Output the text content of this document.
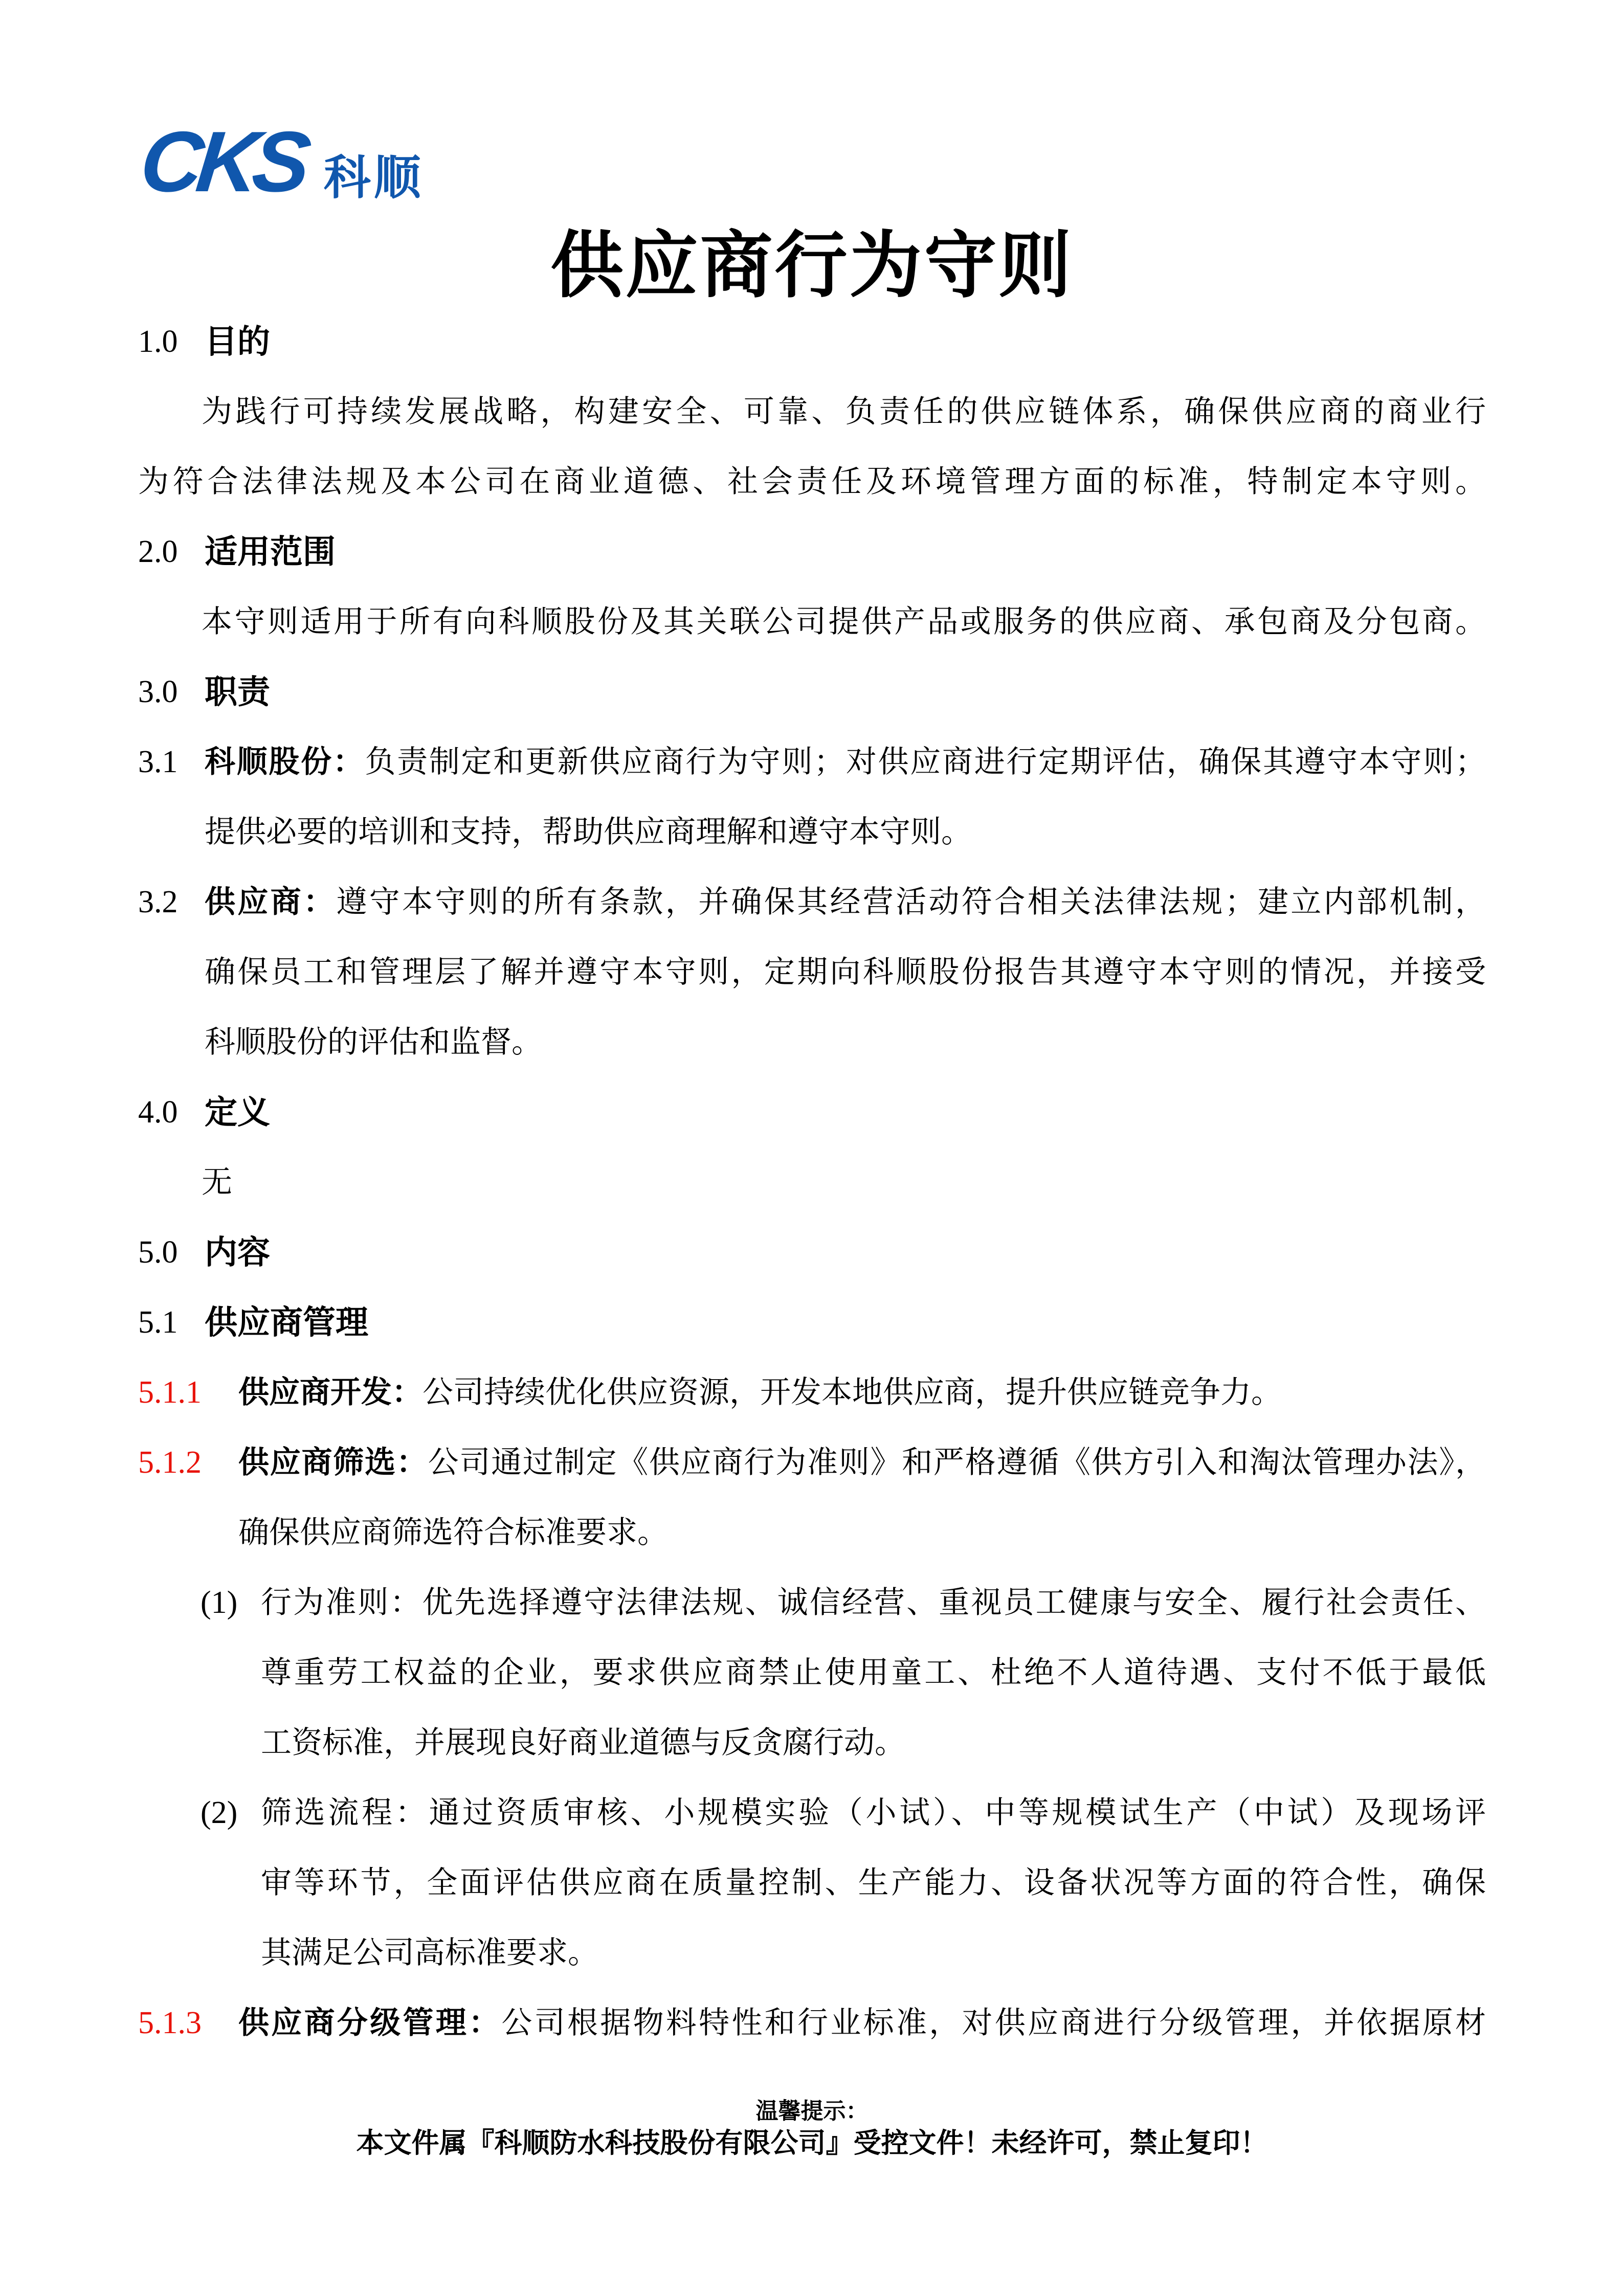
CKS 科顺
供应商行为守则
1.0 目的
为践行可持续发展战略，构建安全、可靠、负责任的供应链体系，确保供应商的商业行
为符合法律法规及本公司在商业道德、社会责任及环境管理方面的标准，特制定本守则。
2.0 适用范围
本守则适用于所有向科顺股份及其关联公司提供产品或服务的供应商、承包商及分包商。
3.0 职责
3.1 科顺股份：负责制定和更新供应商行为守则；对供应商进行定期评估，确保其遵守本守则；
提供必要的培训和支持，帮助供应商理解和遵守本守则。
3.2 供应商：遵守本守则的所有条款，并确保其经营活动符合相关法律法规；建立内部机制，
确保员工和管理层了解并遵守本守则，定期向科顺股份报告其遵守本守则的情况，并接受
科顺股份的评估和监督。
4.0 定义
无
5.0 内容
5.1 供应商管理
5.1.1 供应商开发：公司持续优化供应资源，开发本地供应商，提升供应链竞争力。
5.1.2 供应商筛选：公司通过制定《供应商行为准则》和严格遵循《供方引入和淘汰管理办法》，
确保供应商筛选符合标准要求。
(1) 行为准则：优先选择遵守法律法规、诚信经营、重视员工健康与安全、履行社会责任、
尊重劳工权益的企业，要求供应商禁止使用童工、杜绝不人道待遇、支付不低于最低
工资标准，并展现良好商业道德与反贪腐行动。
(2) 筛选流程：通过资质审核、小规模实验（小试）、中等规模试生产（中试）及现场评
审等环节，全面评估供应商在质量控制、生产能力、设备状况等方面的符合性，确保
其满足公司高标准要求。
5.1.3 供应商分级管理：公司根据物料特性和行业标准，对供应商进行分级管理，并依据原材
温馨提示：
本文件属『科顺防水科技股份有限公司』受控文件！未经许可，禁止复印！
